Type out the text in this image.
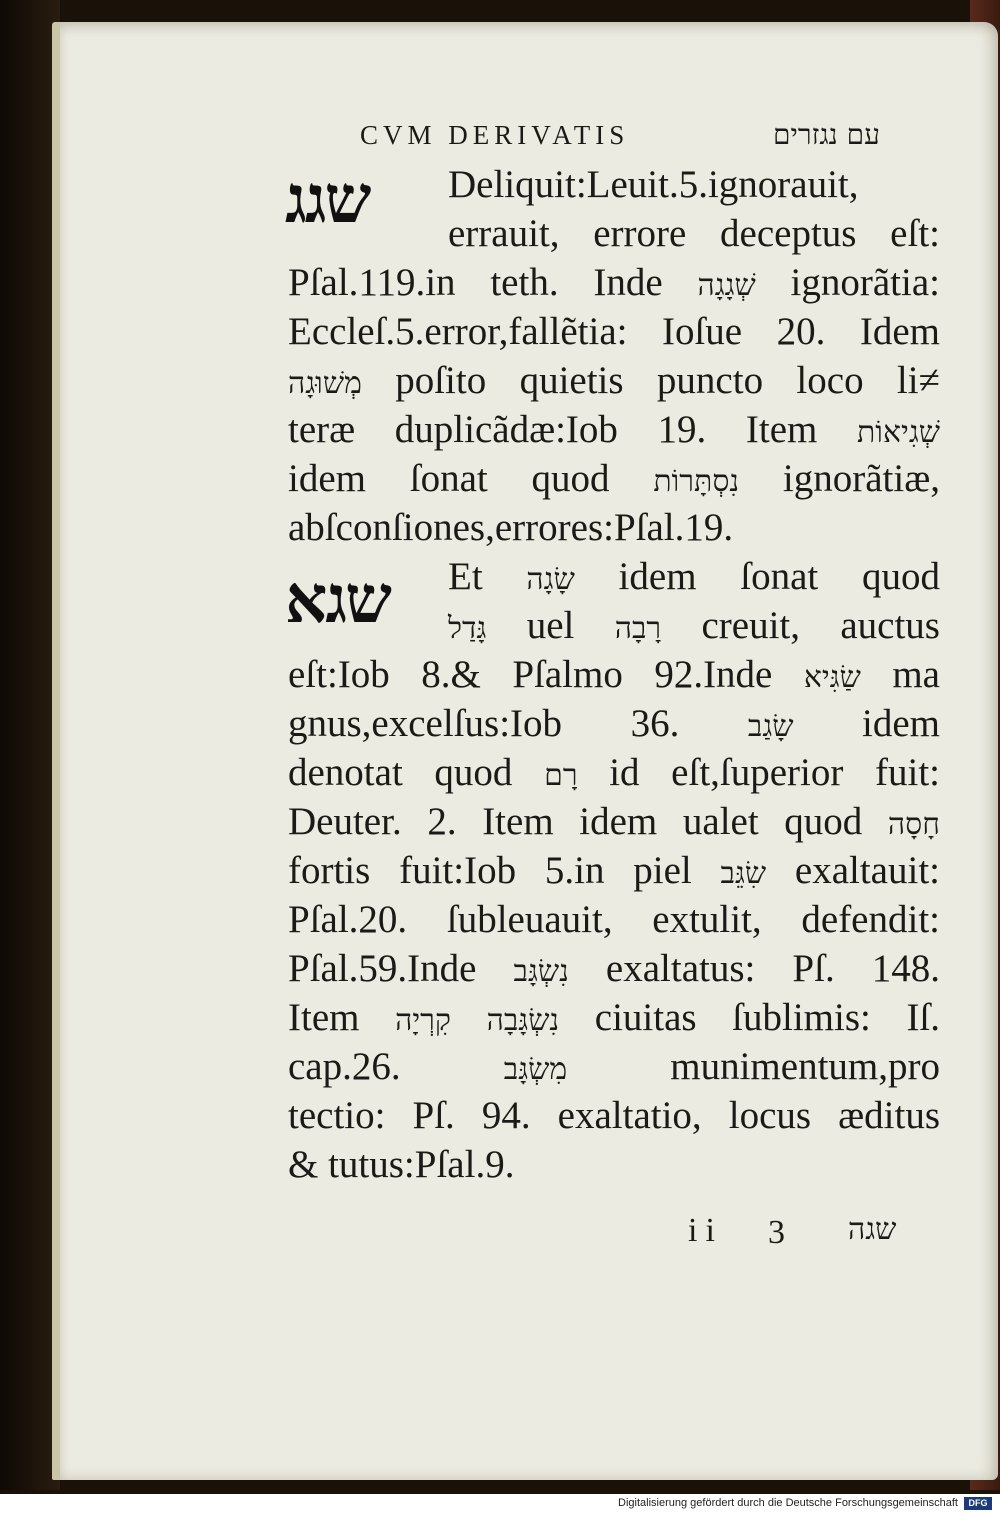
CVM DERIVATIS	עם נגזרים
שגג
שגא
Deliquit:Leuit.5.ignorauit,
errauit, errore deceptus eſt:
Pſal.119.in teth. Inde שְׁגָגָה ignorãtia:
Eccleſ.5.error,fallẽtia: Ioſue 20. Idem
מְשׁוּגָה poſito quietis puncto loco li≠
teræ duplicãdæ:Iob 19. Item שְׁגִיאוֹת
idem ſonat quod נִסְתָּרוֹת ignorãtiæ,
abſconſiones,errores:Pſal.19.
Et שָׂגָה idem ſonat quod
גָּדַל uel רָבָה creuit, auctus
eſt:Iob 8.& Pſalmo 92.Inde שַׂגִּיא ma
gnus,excelſus:Iob 36. שָׂגַב idem
denotat quod רָם id eſt,ſuperior fuit:
Deuter. 2. Item idem ualet quod חָסָה
fortis fuit:Iob 5.in piel שִׂגֵּב exaltauit:
Pſal.20. ſubleuauit, extulit, defendit:
Pſal.59.Inde נִשְׂגָּב exaltatus: Pſ. 148.
Item קִרְיָה נִשְׂגָּבָה ciuitas ſublimis: Iſ.
cap.26. מִשְׂגָּב munimentum,pro
tectio: Pſ. 94. exaltatio, locus æditus
& tutus:Pſal.9.
ii 3 שגה
Digitalisierung gefördert durch die Deutsche Forschungsgemeinschaft	DFG
